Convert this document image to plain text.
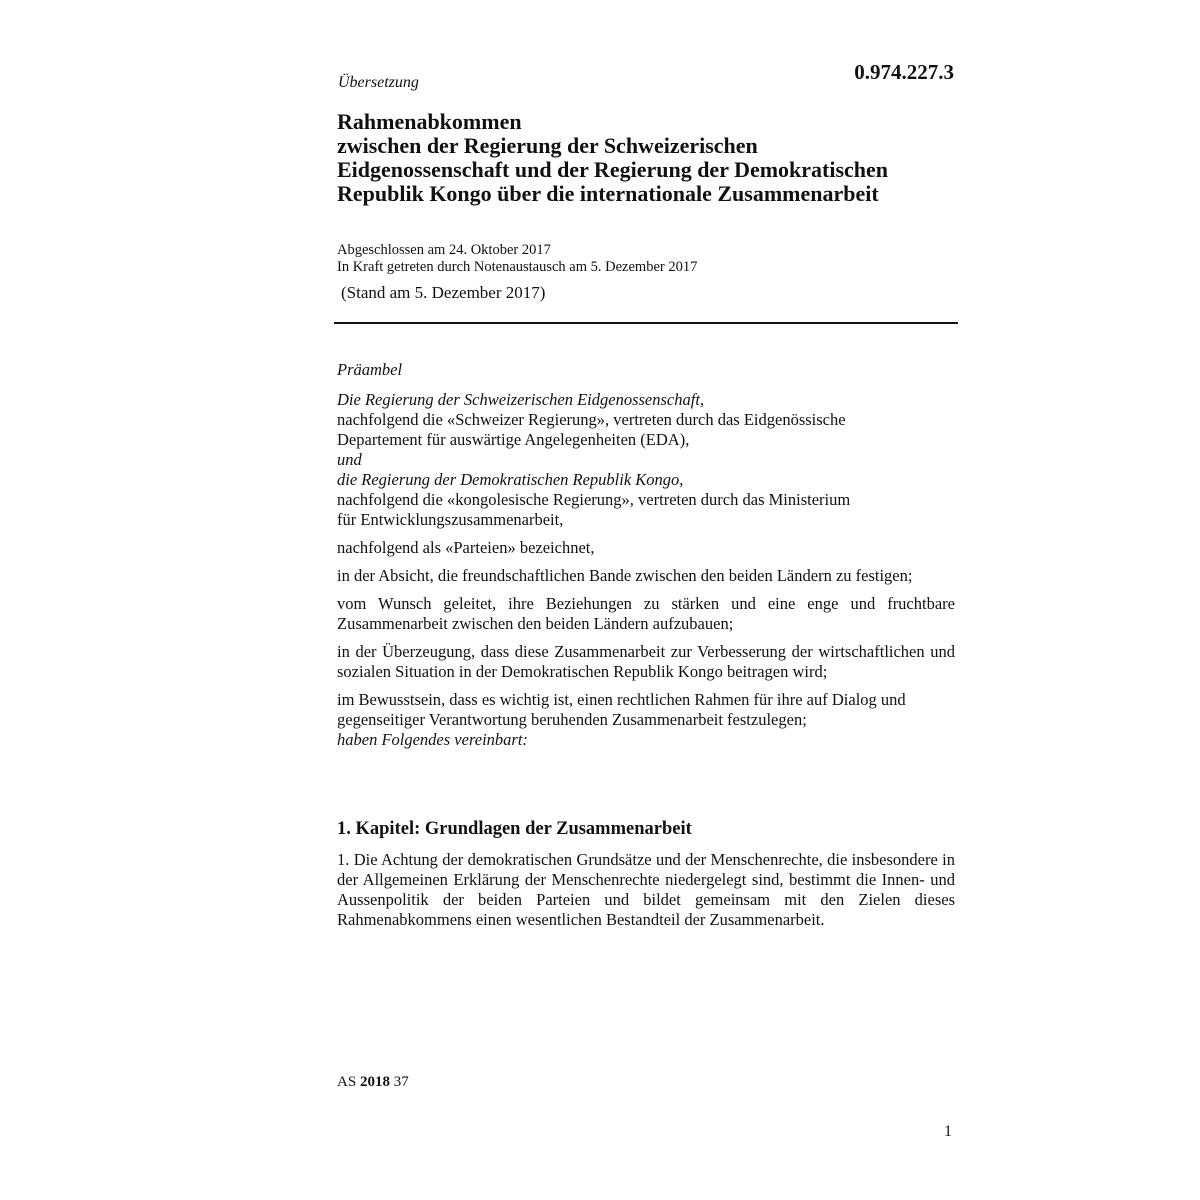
Übersetzung	0.974.227.3
Rahmenabkommen
zwischen der Regierung der Schweizerischen
Eidgenossenschaft und der Regierung der Demokratischen
Republik Kongo über die internationale Zusammenarbeit
Abgeschlossen am 24. Oktober 2017
In Kraft getreten durch Notenaustausch am 5. Dezember 2017
(Stand am 5. Dezember 2017)
Präambel
Die Regierung der Schweizerischen Eidgenossenschaft,
nachfolgend die «Schweizer Regierung», vertreten durch das Eidgenössische
Departement für auswärtige Angelegenheiten (EDA),
und
die Regierung der Demokratischen Republik Kongo,
nachfolgend die «kongolesische Regierung», vertreten durch das Ministerium
für Entwicklungszusammenarbeit,
nachfolgend als «Parteien» bezeichnet,
in der Absicht, die freundschaftlichen Bande zwischen den beiden Ländern zu festigen;
vom Wunsch geleitet, ihre Beziehungen zu stärken und eine enge und fruchtbare Zusammenarbeit zwischen den beiden Ländern aufzubauen;
in der Überzeugung, dass diese Zusammenarbeit zur Verbesserung der wirtschaftlichen und sozialen Situation in der Demokratischen Republik Kongo beitragen wird;
im Bewusstsein, dass es wichtig ist, einen rechtlichen Rahmen für ihre auf Dialog und gegenseitiger Verantwortung beruhenden Zusammenarbeit festzulegen;
haben Folgendes vereinbart:
1. Kapitel: Grundlagen der Zusammenarbeit
1. Die Achtung der demokratischen Grundsätze und der Menschenrechte, die insbesondere in der Allgemeinen Erklärung der Menschenrechte niedergelegt sind, bestimmt die Innen- und Aussenpolitik der beiden Parteien und bildet gemeinsam mit den Zielen dieses Rahmenabkommens einen wesentlichen Bestandteil der Zusammenarbeit.
AS 2018 37
1
